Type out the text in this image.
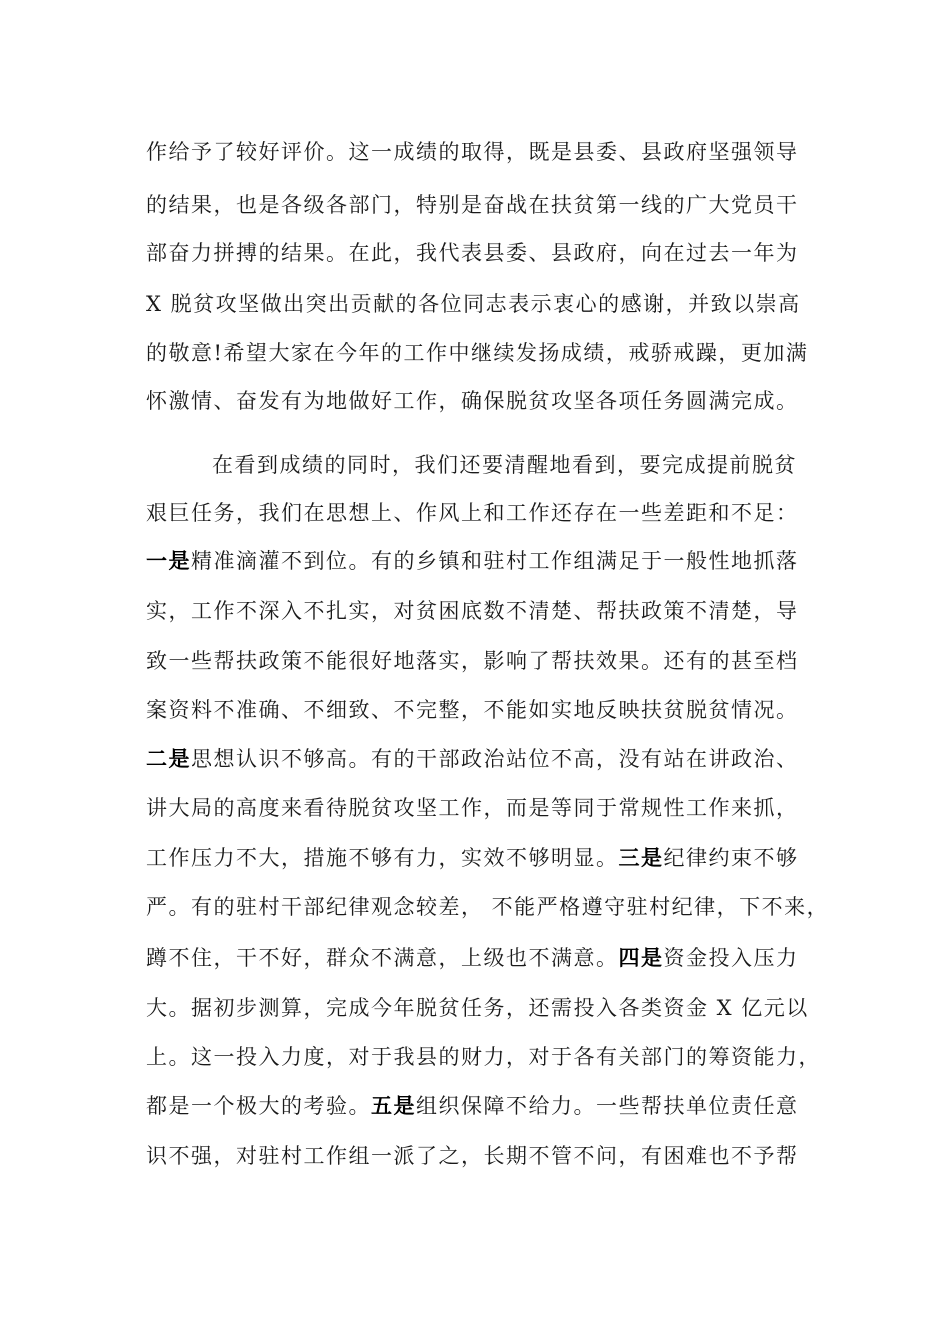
作给予了较好评价。这一成绩的取得，既是县委、县政府坚强领导
的结果，也是各级各部门，特别是奋战在扶贫第一线的广大党员干
部奋力拼搏的结果。在此，我代表县委、县政府，向在过去一年为
X 脱贫攻坚做出突出贡献的各位同志表示衷心的感谢，并致以崇高
的敬意!希望大家在今年的工作中继续发扬成绩，戒骄戒躁，更加满
怀激情、奋发有为地做好工作，确保脱贫攻坚各项任务圆满完成。
在看到成绩的同时，我们还要清醒地看到，要完成提前脱贫
艰巨任务，我们在思想上、作风上和工作还存在一些差距和不足：
一是精准滴灌不到位。有的乡镇和驻村工作组满足于一般性地抓落
实，工作不深入不扎实，对贫困底数不清楚、帮扶政策不清楚，导
致一些帮扶政策不能很好地落实，影响了帮扶效果。还有的甚至档
案资料不准确、不细致、不完整，不能如实地反映扶贫脱贫情况。
二是思想认识不够高。有的干部政治站位不高，没有站在讲政治、
讲大局的高度来看待脱贫攻坚工作，而是等同于常规性工作来抓，
工作压力不大，措施不够有力，实效不够明显。三是纪律约束不够
严。有的驻村干部纪律观念较差， 不能严格遵守驻村纪律，下不来，
蹲不住，干不好，群众不满意，上级也不满意。四是资金投入压力
大。据初步测算，完成今年脱贫任务，还需投入各类资金 X 亿元以
上。这一投入力度，对于我县的财力，对于各有关部门的筹资能力，
都是一个极大的考验。五是组织保障不给力。一些帮扶单位责任意
识不强，对驻村工作组一派了之，长期不管不问，有困难也不予帮
